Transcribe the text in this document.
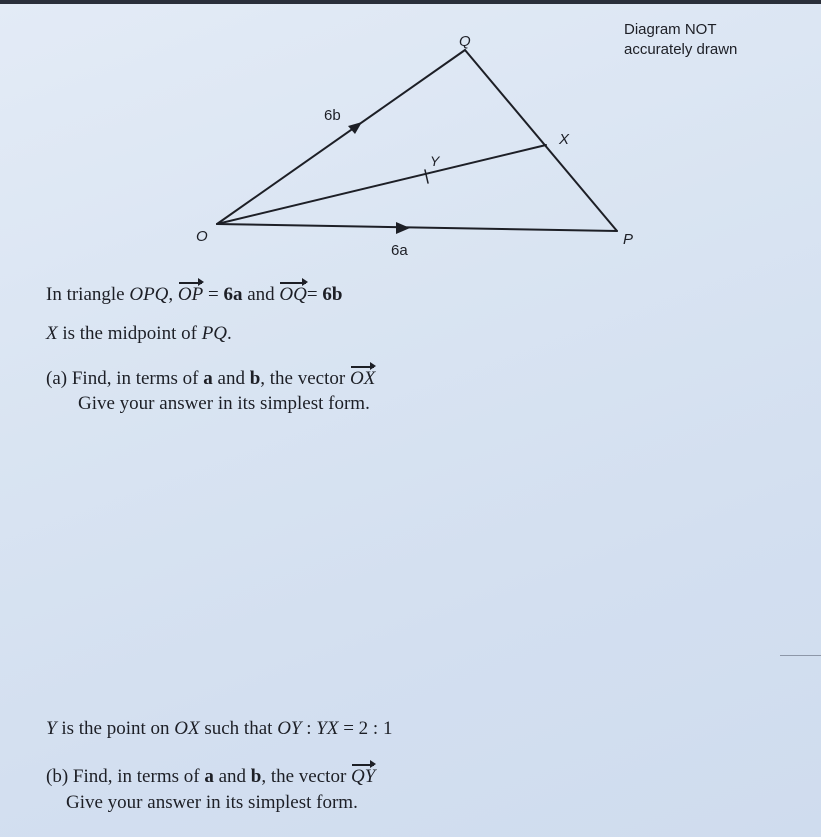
Q
X
Y
O	P
6b
6a
Diagram NOT
accurately drawn
In triangle OPQ, OP = 6a and OQ= 6b
X is the midpoint of PQ.
(a) Find, in terms of a and b, the vector OX
Give your answer in its simplest form.
Y is the point on OX such that OY : YX = 2 : 1
(b) Find, in terms of a and b, the vector QY
Give your answer in its simplest form.
